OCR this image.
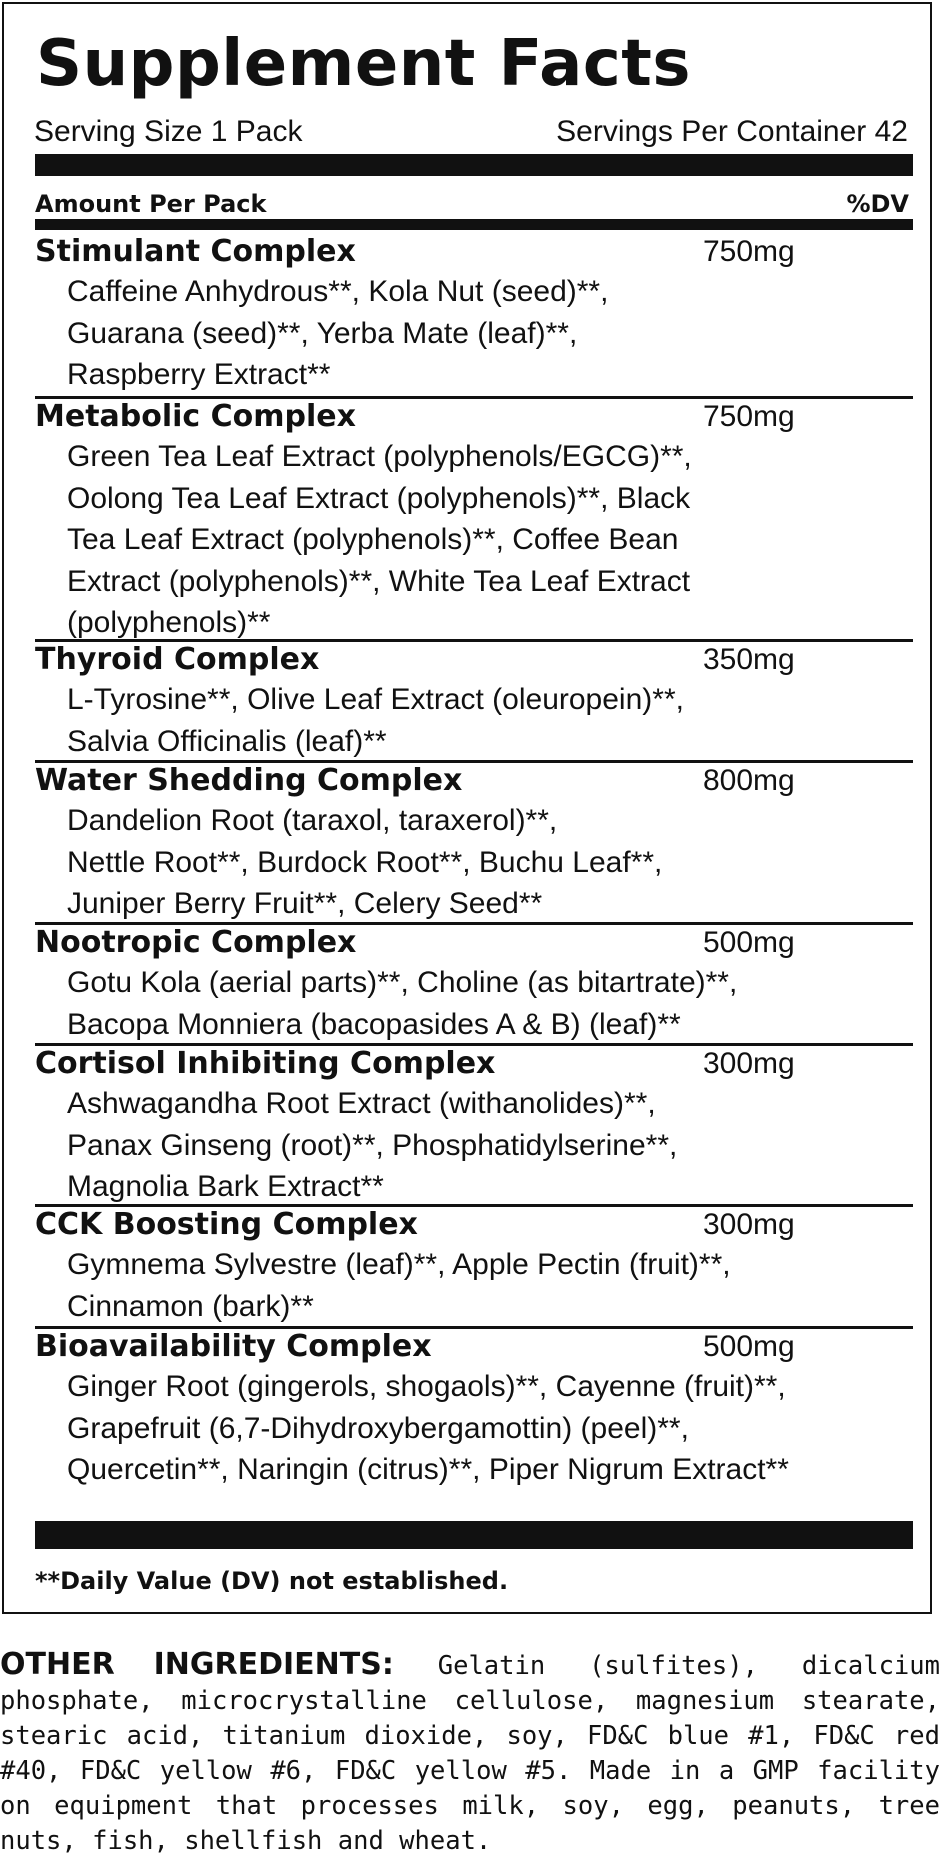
Supplement Facts
Serving Size 1 Pack	Servings Per Container 42
Amount Per Pack	%DV
Stimulant Complex	750mg
Caffeine Anhydrous**, Kola Nut (seed)**,
Guarana (seed)**, Yerba Mate (leaf)**,
Raspberry Extract**
Metabolic Complex	750mg
Green Tea Leaf Extract (polyphenols/EGCG)**,
Oolong Tea Leaf Extract (polyphenols)**, Black
Tea Leaf Extract (polyphenols)**, Coffee Bean
Extract (polyphenols)**, White Tea Leaf Extract
(polyphenols)**
Thyroid Complex	350mg
L-Tyrosine**, Olive Leaf Extract (oleuropein)**,
Salvia Officinalis (leaf)**
Water Shedding Complex	800mg
Dandelion Root (taraxol, taraxerol)**,
Nettle Root**, Burdock Root**, Buchu Leaf**,
Juniper Berry Fruit**, Celery Seed**
Nootropic Complex	500mg
Gotu Kola (aerial parts)**, Choline (as bitartrate)**,
Bacopa Monniera (bacopasides A & B) (leaf)**
Cortisol Inhibiting Complex	300mg
Ashwagandha Root Extract (withanolides)**,
Panax Ginseng (root)**, Phosphatidylserine**,
Magnolia Bark Extract**
CCK Boosting Complex	300mg
Gymnema Sylvestre (leaf)**, Apple Pectin (fruit)**,
Cinnamon (bark)**
Bioavailability Complex	500mg
Ginger Root (gingerols, shogaols)**, Cayenne (fruit)**,
Grapefruit (6,7-Dihydroxybergamottin) (peel)**,
Quercetin**, Naringin (citrus)**, Piper Nigrum Extract**
**Daily Value (DV) not established.
OTHER INGREDIENTS: Gelatin (sulfites), dicalcium phosphate, microcrystalline cellulose, magnesium stearate, stearic acid, titanium dioxide, soy, FD&C blue #1, FD&C red #40, FD&C yellow #6, FD&C yellow #5. Made in a GMP facility on equipment that processes milk, soy, egg, peanuts, tree nuts, fish, shellfish and wheat.
